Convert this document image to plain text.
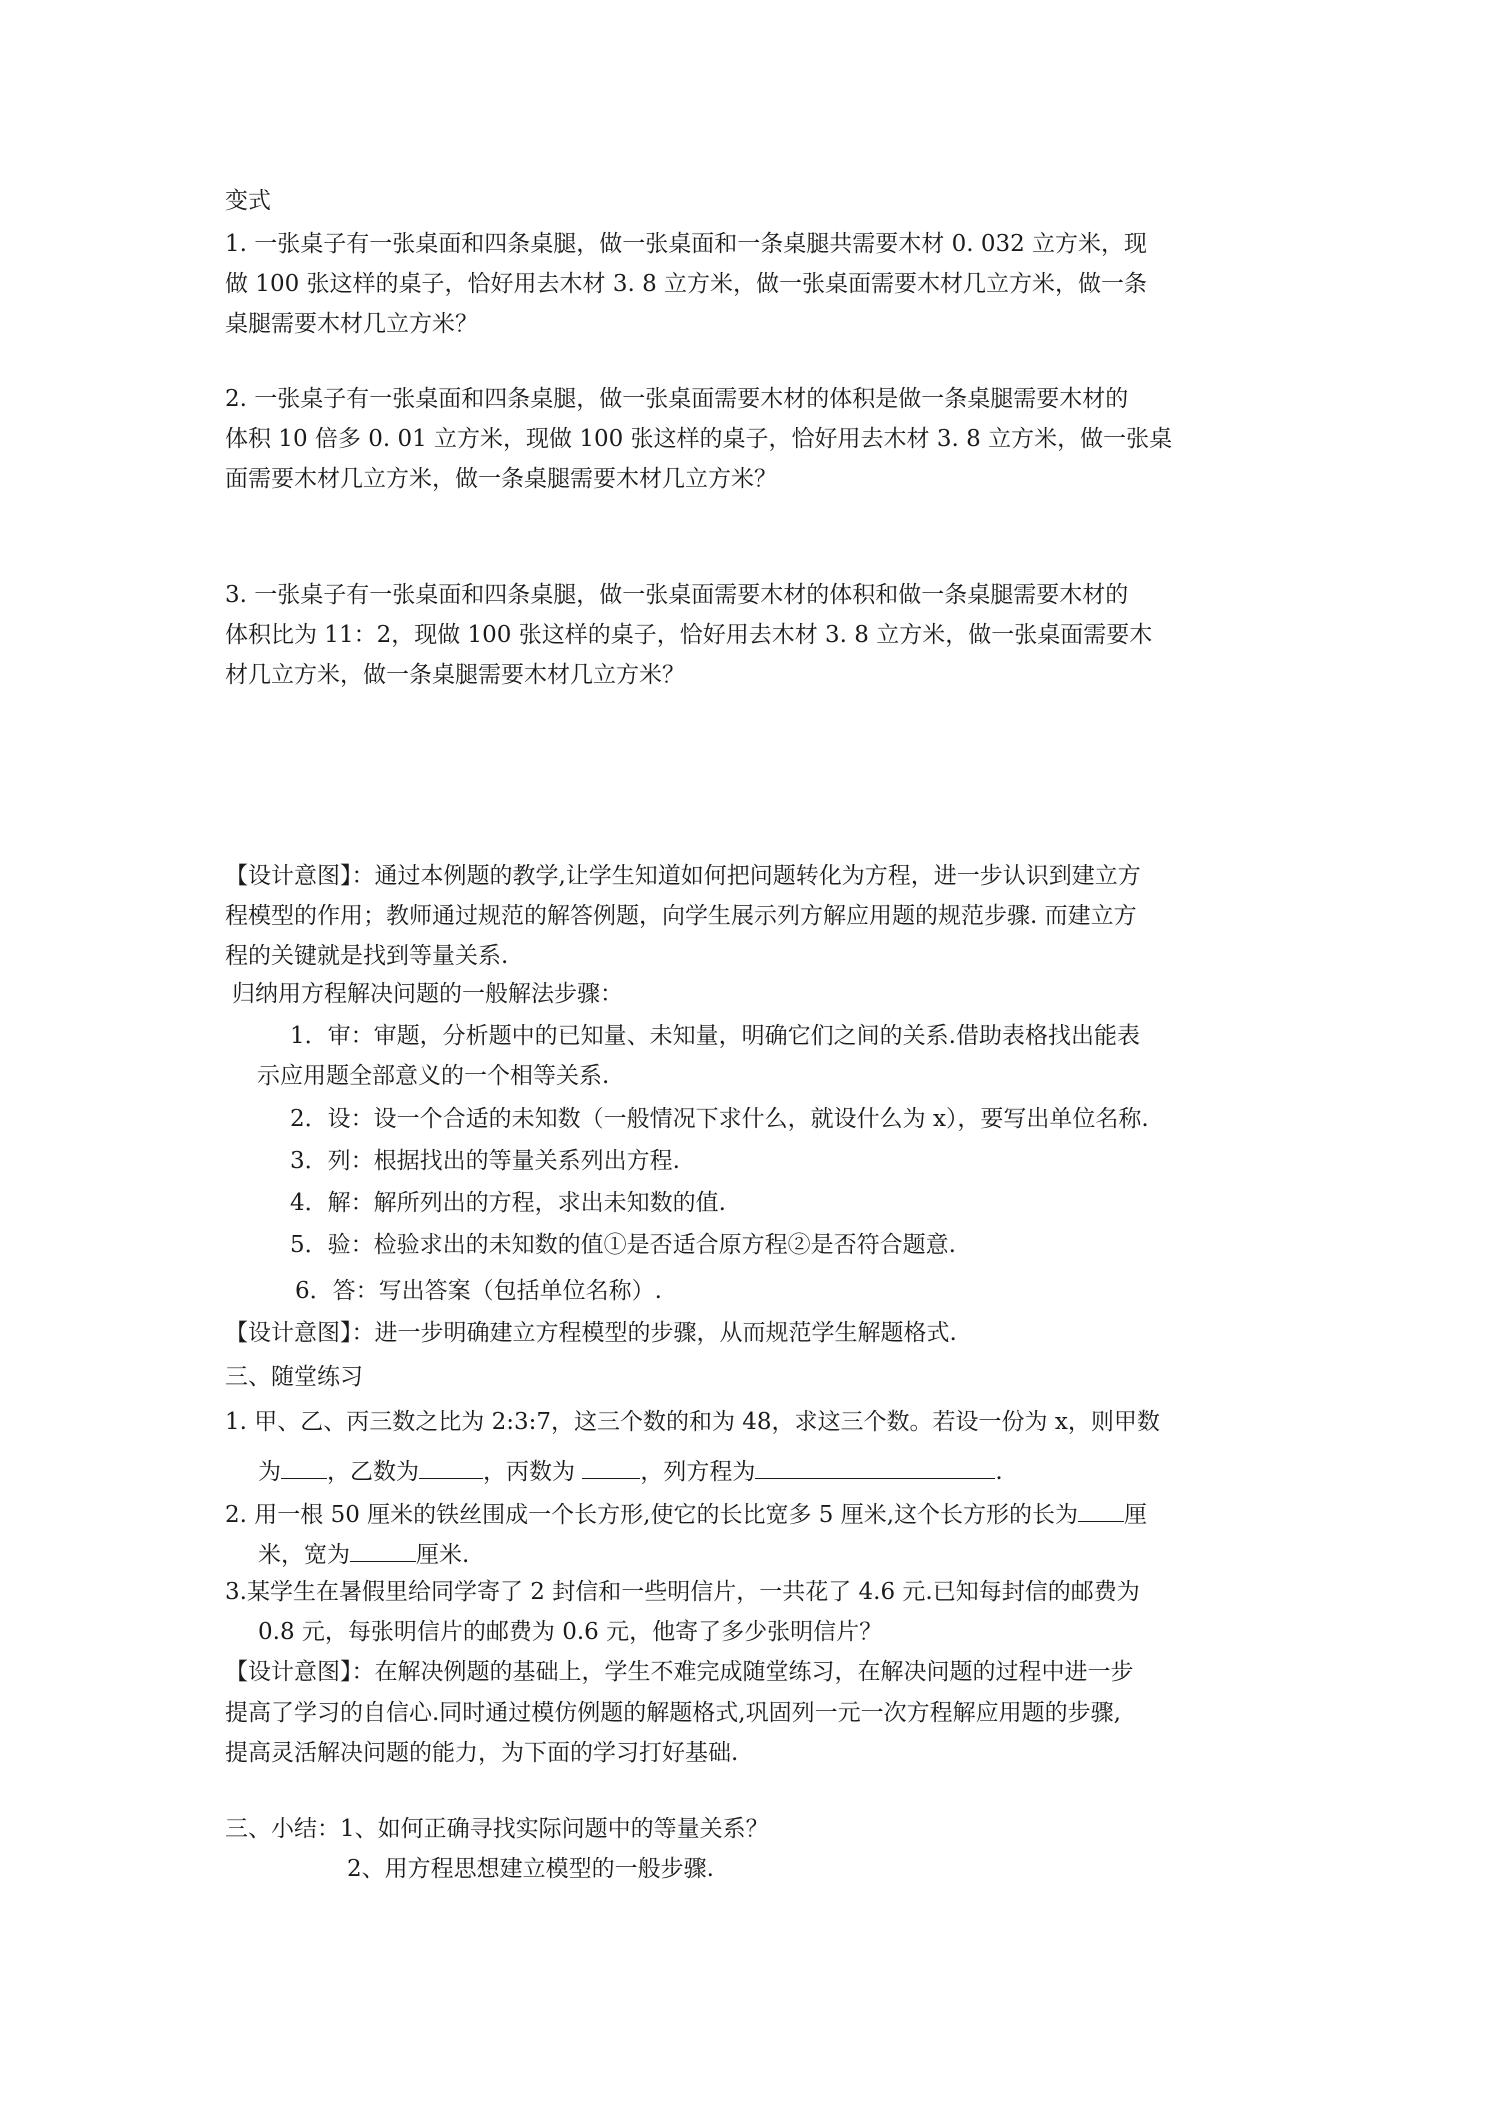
变式
1. 一张桌子有一张桌面和四条桌腿，做一张桌面和一条桌腿共需要木材 0. 032 立方米，现
做 100 张这样的桌子，恰好用去木材 3. 8 立方米，做一张桌面需要木材几立方米，做一条
桌腿需要木材几立方米？
2. 一张桌子有一张桌面和四条桌腿，做一张桌面需要木材的体积是做一条桌腿需要木材的
体积 10 倍多 0. 01 立方米，现做 100 张这样的桌子，恰好用去木材 3. 8 立方米，做一张桌
面需要木材几立方米，做一条桌腿需要木材几立方米？
3. 一张桌子有一张桌面和四条桌腿，做一张桌面需要木材的体积和做一条桌腿需要木材的
体积比为 11：2，现做 100 张这样的桌子，恰好用去木材 3. 8 立方米，做一张桌面需要木
材几立方米，做一条桌腿需要木材几立方米？
【设计意图】：通过本例题的教学,让学生知道如何把问题转化为方程，进一步认识到建立方
程模型的作用；教师通过规范的解答例题，向学生展示列方解应用题的规范步骤. 而建立方
程的关键就是找到等量关系.
归纳用方程解决问题的一般解法步骤：
1．审：审题，分析题中的已知量、未知量，明确它们之间的关系.借助表格找出能表
示应用题全部意义的一个相等关系.
2．设：设一个合适的未知数（一般情况下求什么，就设什么为 x），要写出单位名称.
3．列：根据找出的等量关系列出方程.
4．解：解所列出的方程，求出未知数的值.
5．验：检验求出的未知数的值①是否适合原方程②是否符合题意.
6．答：写出答案（包括单位名称）.
【设计意图】：进一步明确建立方程模型的步骤，从而规范学生解题格式.
三、随堂练习
1. 甲、乙、丙三数之比为 2:3:7，这三个数的和为 48，求这三个数。若设一份为 x，则甲数
为 ，乙数为	，丙数为	，列方程为	.
2. 用一根 50 厘米的铁丝围成一个长方形,使它的长比宽多 5 厘米,这个长方形的长为 厘
米，宽为	厘米.
3.某学生在暑假里给同学寄了 2 封信和一些明信片，一共花了 4.6 元.已知每封信的邮费为
0.8 元，每张明信片的邮费为 0.6 元，他寄了多少张明信片？
【设计意图】：在解决例题的基础上，学生不难完成随堂练习，在解决问题的过程中进一步
提高了学习的自信心.同时通过模仿例题的解题格式,巩固列一元一次方程解应用题的步骤,
提高灵活解决问题的能力，为下面的学习打好基础.
三、小结：1、如何正确寻找实际问题中的等量关系？
2、用方程思想建立模型的一般步骤.
